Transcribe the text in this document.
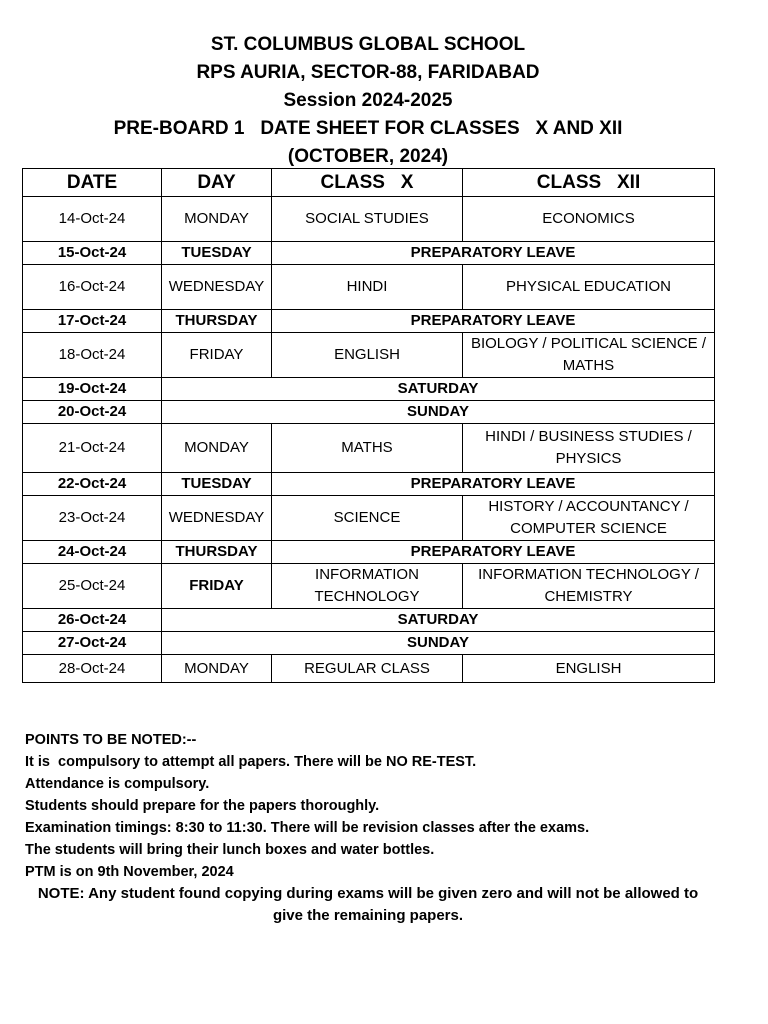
ST. COLUMBUS GLOBAL SCHOOL
RPS AURIA, SECTOR-88, FARIDABAD
Session 2024-2025
PRE-BOARD 1   DATE SHEET FOR CLASSES   X AND XII
(OCTOBER, 2024)
DATE	DAY	CLASS   X	CLASS   XII
14-Oct-24	MONDAY	SOCIAL STUDIES	ECONOMICS
15-Oct-24	TUESDAY	PREPARATORY LEAVE	
16-Oct-24	WEDNESDAY	HINDI	PHYSICAL EDUCATION
17-Oct-24	THURSDAY	PREPARATORY LEAVE	
18-Oct-24	FRIDAY	ENGLISH	BIOLOGY / POLITICAL SCIENCE / MATHS
19-Oct-24	SATURDAY		
20-Oct-24	SUNDAY		
21-Oct-24	MONDAY	MATHS	HINDI / BUSINESS STUDIES / PHYSICS
22-Oct-24	TUESDAY	PREPARATORY LEAVE	
23-Oct-24	WEDNESDAY	SCIENCE	HISTORY / ACCOUNTANCY / COMPUTER SCIENCE
24-Oct-24	THURSDAY	PREPARATORY LEAVE	
25-Oct-24	FRIDAY	INFORMATION TECHNOLOGY	INFORMATION TECHNOLOGY / CHEMISTRY
26-Oct-24	SATURDAY		
27-Oct-24	SUNDAY		
28-Oct-24	MONDAY	REGULAR CLASS	ENGLISH
POINTS TO BE NOTED:--
It is  compulsory to attempt all papers. There will be NO RE-TEST.
Attendance is compulsory.
Students should prepare for the papers thoroughly.
Examination timings: 8:30 to 11:30. There will be revision classes after the exams.
The students will bring their lunch boxes and water bottles.
PTM is on 9th November, 2024
NOTE: Any student found copying during exams will be given zero and will not be allowed to give the remaining papers.
